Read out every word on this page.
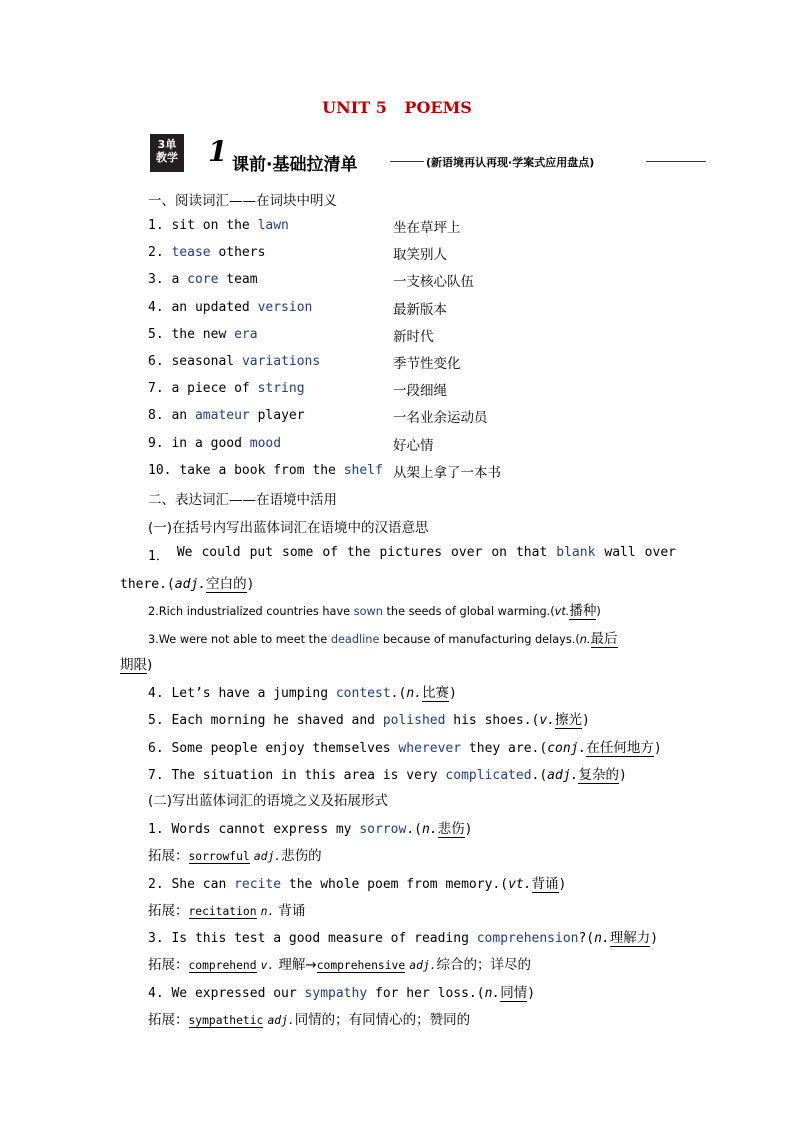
UNIT 5 POEMS
3单
教学 1 课前·基础拉清单	(新语境再认再现·学案式应用盘点)
一、阅读词汇——在词块中明义
1. sit on the lawn	坐在草坪上
2. tease others	取笑别人
3. a core team	一支核心队伍
4. an updated version	最新版本
5. the new era	新时代
6. seasonal variations	季节性变化
7. a piece of string	一段细绳
8. an amateur player	一名业余运动员
9. in a good mood	好心情
10. take a book from the shelf 从架上拿了一本书
二、表达词汇——在语境中活用
(一)在括号内写出蓝体词汇在语境中的汉语意思
1． We could put some of the pictures over on that blank wall over
there.(adj.空白的)
2.Rich industrialized countries have sown the seeds of global warming.(vt.播种)
3.We were not able to meet the deadline because of manufacturing delays.(n.最后
期限)
4. Let’s have a jumping contest.(n.比赛)
5. Each morning he shaved and polished his shoes.(v.擦光)
6. Some people enjoy themselves wherever they are.(conj.在任何地方)
7. The situation in this area is very complicated.(adj.复杂的)
(二)写出蓝体词汇的语境之义及拓展形式
1. Words cannot express my sorrow.(n.悲伤)
拓展：sorrowful adj.悲伤的
2. She can recite the whole poem from memory.(vt.背诵)
拓展：recitation n. 背诵
3. Is this test a good measure of reading comprehension?(n.理解力)
拓展：comprehend v. 理解→comprehensive adj.综合的；详尽的
4. We expressed our sympathy for her loss.(n.同情)
拓展：sympathetic adj.同情的；有同情心的；赞同的
